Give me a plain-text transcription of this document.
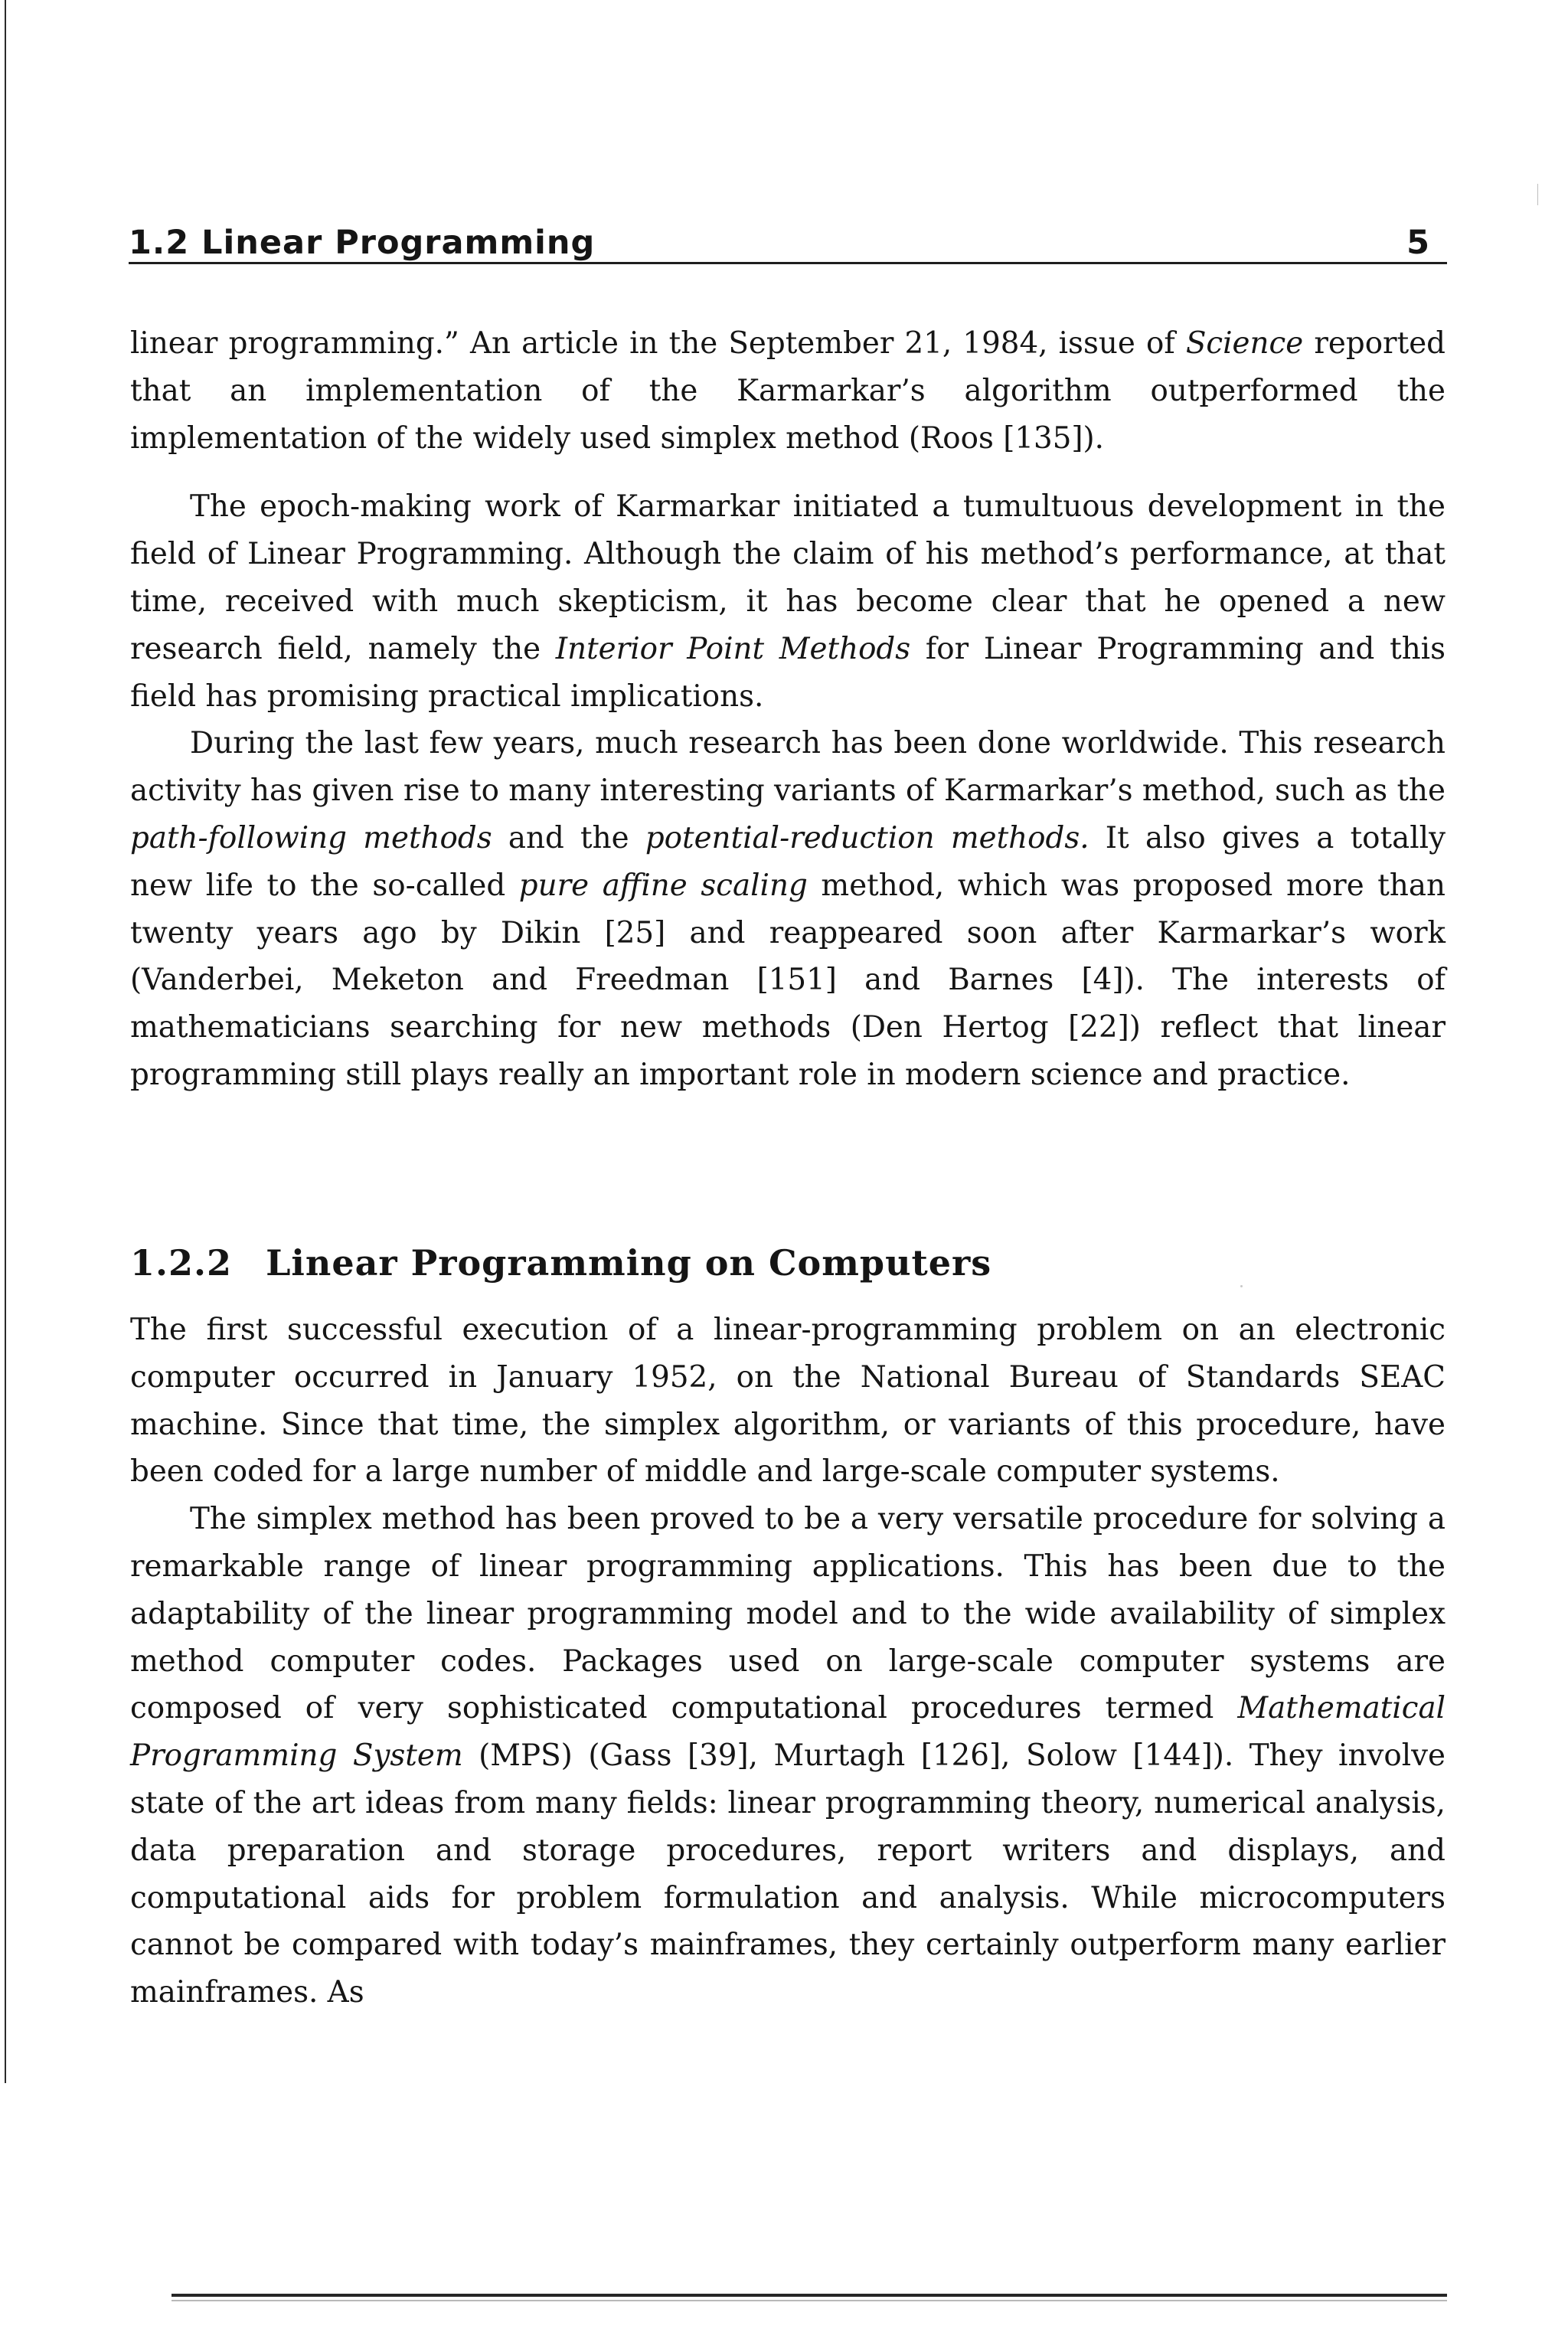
1.2 Linear Programming	5

linear programming.” An article in the September 21, 1984, issue of Science reported that an implementation of the Karmarkar’s algorithm outperformed the implementation of the widely used simplex method (Roos [135]).

The epoch-making work of Karmarkar initiated a tumultuous development in the field of Linear Programming. Although the claim of his method’s performance, at that time, received with much skepticism, it has become clear that he opened a new research field, namely the Interior Point Methods for Linear Programming and this field has promising practical implications.

During the last few years, much research has been done worldwide. This research activity has given rise to many interesting variants of Karmarkar’s method, such as the path-following methods and the potential-reduction methods. It also gives a totally new life to the so-called pure affine scaling method, which was proposed more than twenty years ago by Dikin [25] and reappeared soon after Karmarkar’s work (Vanderbei, Meketon and Freedman [151] and Barnes [4]). The interests of mathematicians searching for new methods (Den Hertog [22]) reflect that linear programming still plays really an important role in modern science and practice.

1.2.2 Linear Programming on Computers

The first successful execution of a linear-programming problem on an electronic computer occurred in January 1952, on the National Bureau of Standards SEAC machine. Since that time, the simplex algorithm, or variants of this procedure, have been coded for a large number of middle and large-scale computer systems.

The simplex method has been proved to be a very versatile procedure for solving a remarkable range of linear programming applications. This has been due to the adaptability of the linear programming model and to the wide availability of simplex method computer codes. Packages used on large-scale computer systems are composed of very sophisticated computational procedures termed Mathematical Programming System (MPS) (Gass [39], Murtagh [126], Solow [144]). They involve state of the art ideas from many fields: linear programming theory, numerical analysis, data preparation and storage procedures, report writers and displays, and computational aids for problem formulation and analysis. While microcomputers cannot be compared with today’s mainframes, they certainly outperform many earlier mainframes. As
